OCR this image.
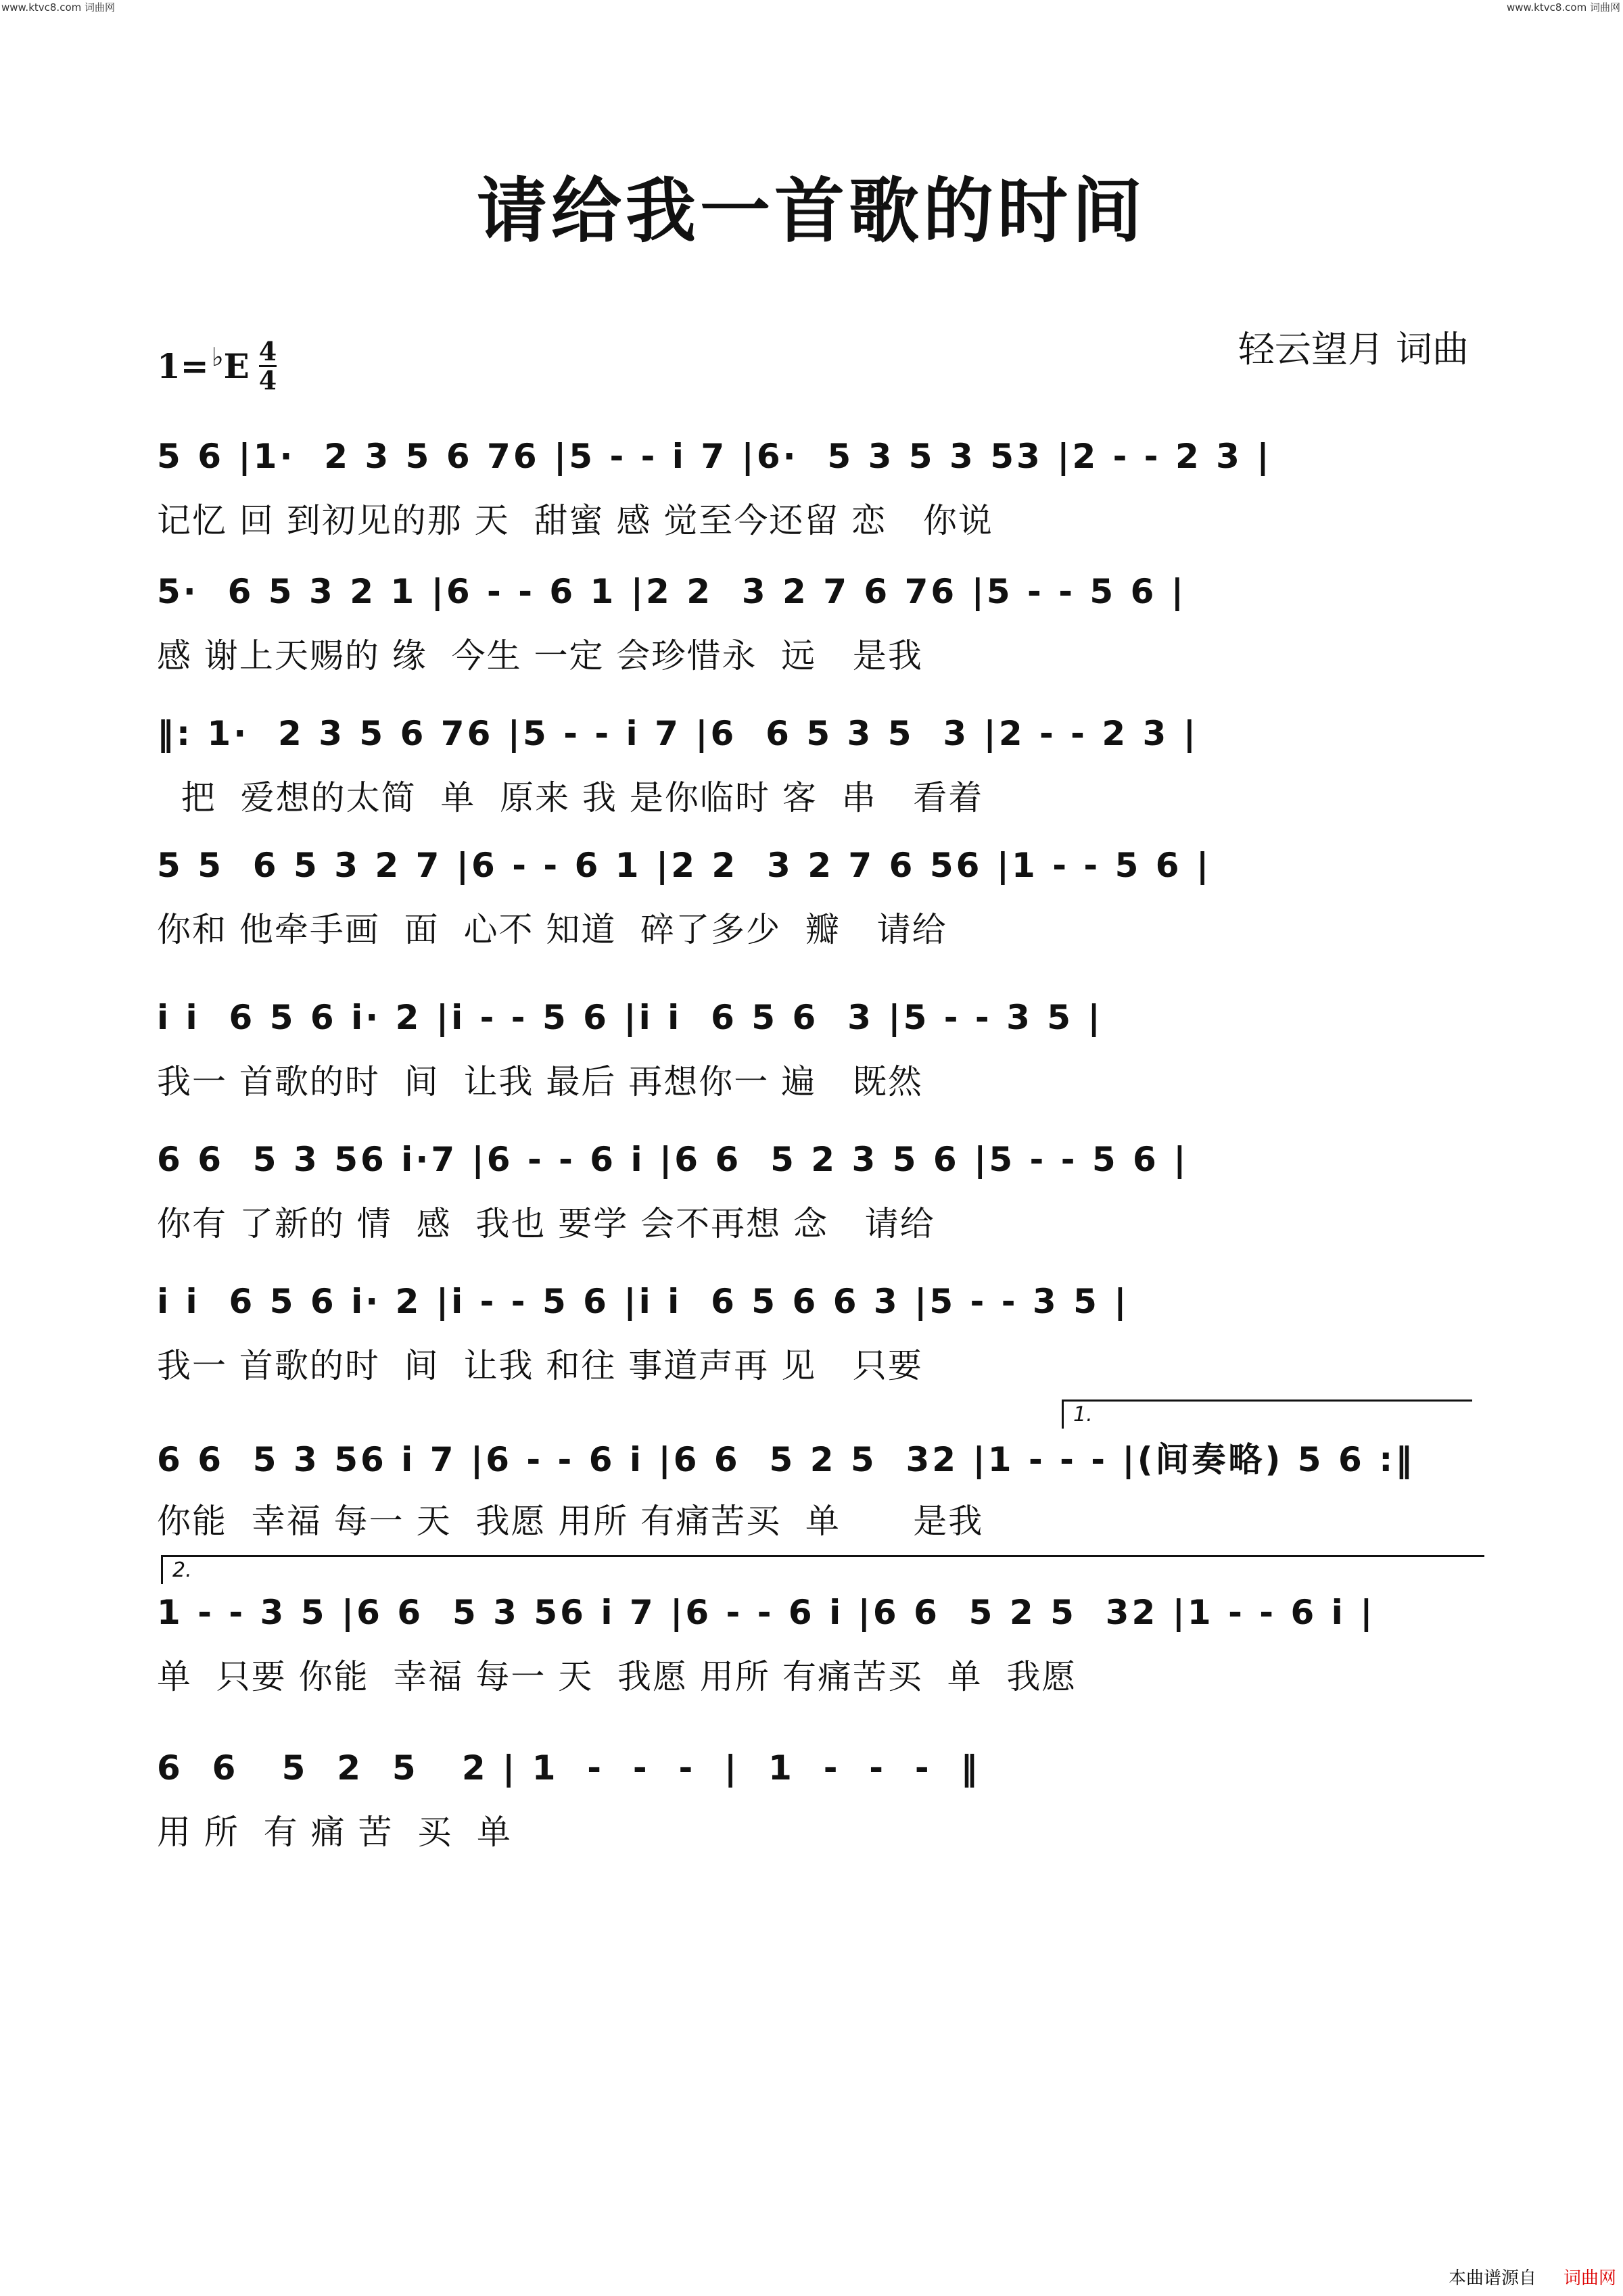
www.ktvc8.com 词曲网	www.ktvc8.com 词曲网
请给我一首歌的时间
1= ♭ E 4
4
轻云望月 词曲
5 6 |1·  2 3 5 6 76 |5 - - i 7 |6·  5 3 5 3 53 |2 - - 2 3 |
记忆 回 到初见的那 天  甜蜜 感 觉至今还留 恋   你说
5·  6 5 3 2 1 |6 - - 6 1 |2 2  3 2 7 6 76 |5 - - 5 6 |
感 谢上天赐的 缘  今生 一定 会珍惜永  远   是我
‖: 1·  2 3 5 6 76 |5 - - i 7 |6  6 5 3 5  3 |2 - - 2 3 |
把  爱想的太简  单  原来 我 是你临时 客  串   看着
5 5  6 5 3 2 7 |6 - - 6 1 |2 2  3 2 7 6 56 |1 - - 5 6 |
你和 他牵手画  面  心不 知道  碎了多少  瓣   请给
i i  6 5 6 i· 2 |i - - 5 6 |i i  6 5 6  3 |5 - - 3 5 |
我一 首歌的时  间  让我 最后 再想你一 遍   既然
6 6  5 3 56 i·7 |6 - - 6 i |6 6  5 2 3 5 6 |5 - - 5 6 |
你有 了新的 情  感  我也 要学 会不再想 念   请给
i i  6 5 6 i· 2 |i - - 5 6 |i i  6 5 6 6 3 |5 - - 3 5 |
我一 首歌的时  间  让我 和往 事道声再 见   只要
1.
6 6  5 3 56 i 7 |6 - - 6 i |6 6  5 2 5  32 |1 - - - |(间奏略) 5 6 :‖
你能  幸福 每一 天  我愿 用所 有痛苦买  单      是我
2.
1 - - 3 5 |6 6  5 3 56 i 7 |6 - - 6 i |6 6  5 2 5  32 |1 - - 6 i |
单  只要 你能  幸福 每一 天  我愿 用所 有痛苦买  单  我愿
6  6   5  2  5   2 | 1  -  -  -  |  1  -  -  -  ‖
用 所  有 痛 苦  买  单
本曲谱源自 词曲网
